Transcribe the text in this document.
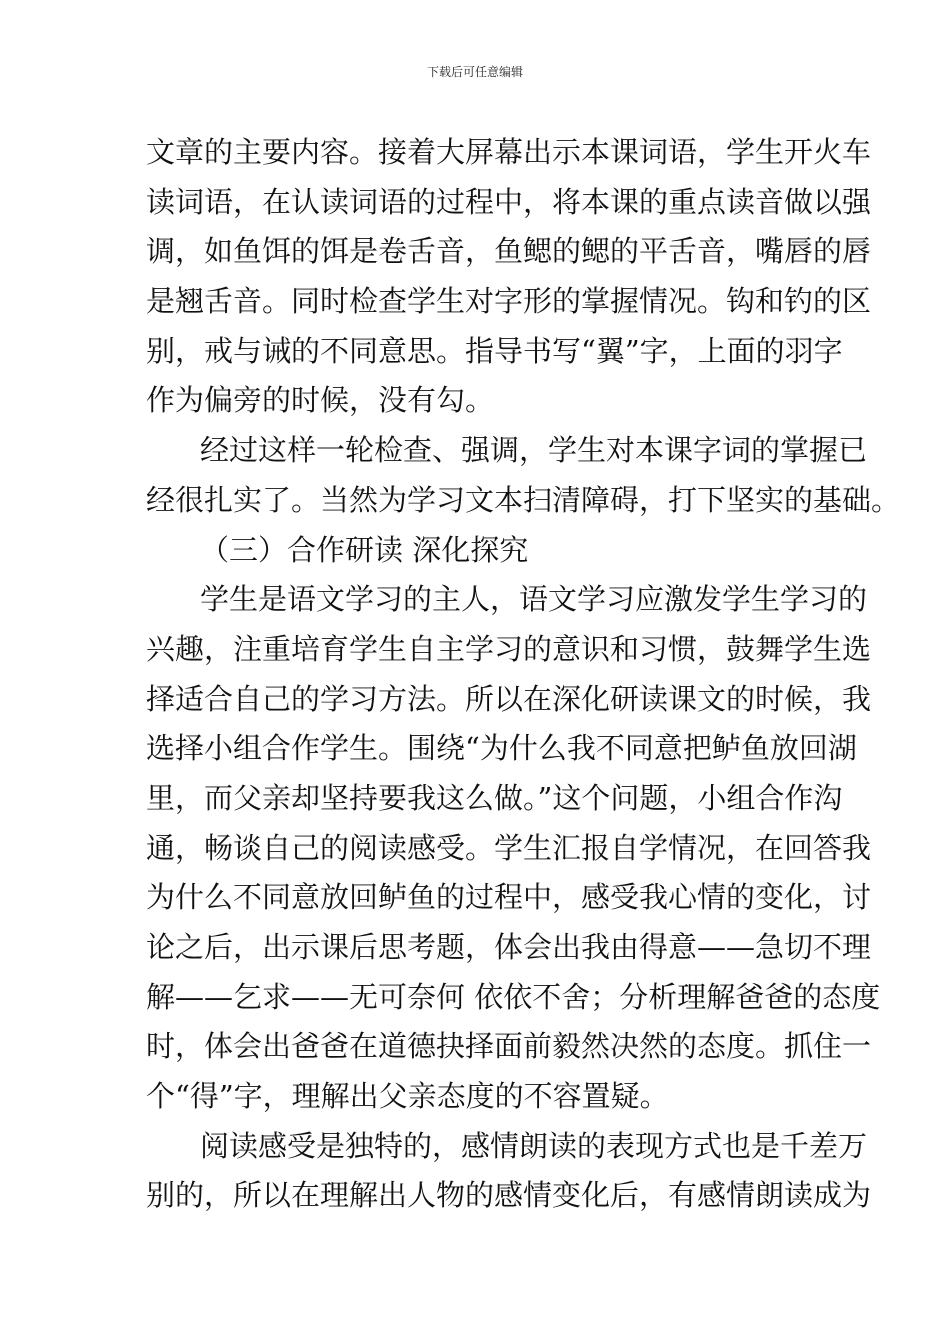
下载后可任意编辑
文章的主要内容。接着大屏幕出示本课词语，学生开火车
读词语，在认读词语的过程中，将本课的重点读音做以强
调，如鱼饵的饵是卷舌音，鱼鳃的鳃的平舌音，嘴唇的唇
是翘舌音。同时检查学生对字形的掌握情况。钩和钓的区
别，戒与诫的不同意思。指导书写“翼”字，上面的羽字
作为偏旁的时候，没有勾。
经过这样一轮检查、强调，学生对本课字词的掌握已
经很扎实了。当然为学习文本扫清障碍，打下坚实的基础。
（三）合作研读 深化探究
学生是语文学习的主人，语文学习应激发学生学习的
兴趣，注重培育学生自主学习的意识和习惯，鼓舞学生选
择适合自己的学习方法。所以在深化研读课文的时候，我
选择小组合作学生。围绕“为什么我不同意把鲈鱼放回湖
里，而父亲却坚持要我这么做。”这个问题，小组合作沟
通，畅谈自己的阅读感受。学生汇报自学情况，在回答我
为什么不同意放回鲈鱼的过程中，感受我心情的变化，讨
论之后，出示课后思考题，体会出我由得意——急切不理
解——乞求——无可奈何 依依不舍；分析理解爸爸的态度
时，体会出爸爸在道德抉择面前毅然决然的态度。抓住一
个“得”字，理解出父亲态度的不容置疑。
阅读感受是独特的，感情朗读的表现方式也是千差万
别的，所以在理解出人物的感情变化后，有感情朗读成为
